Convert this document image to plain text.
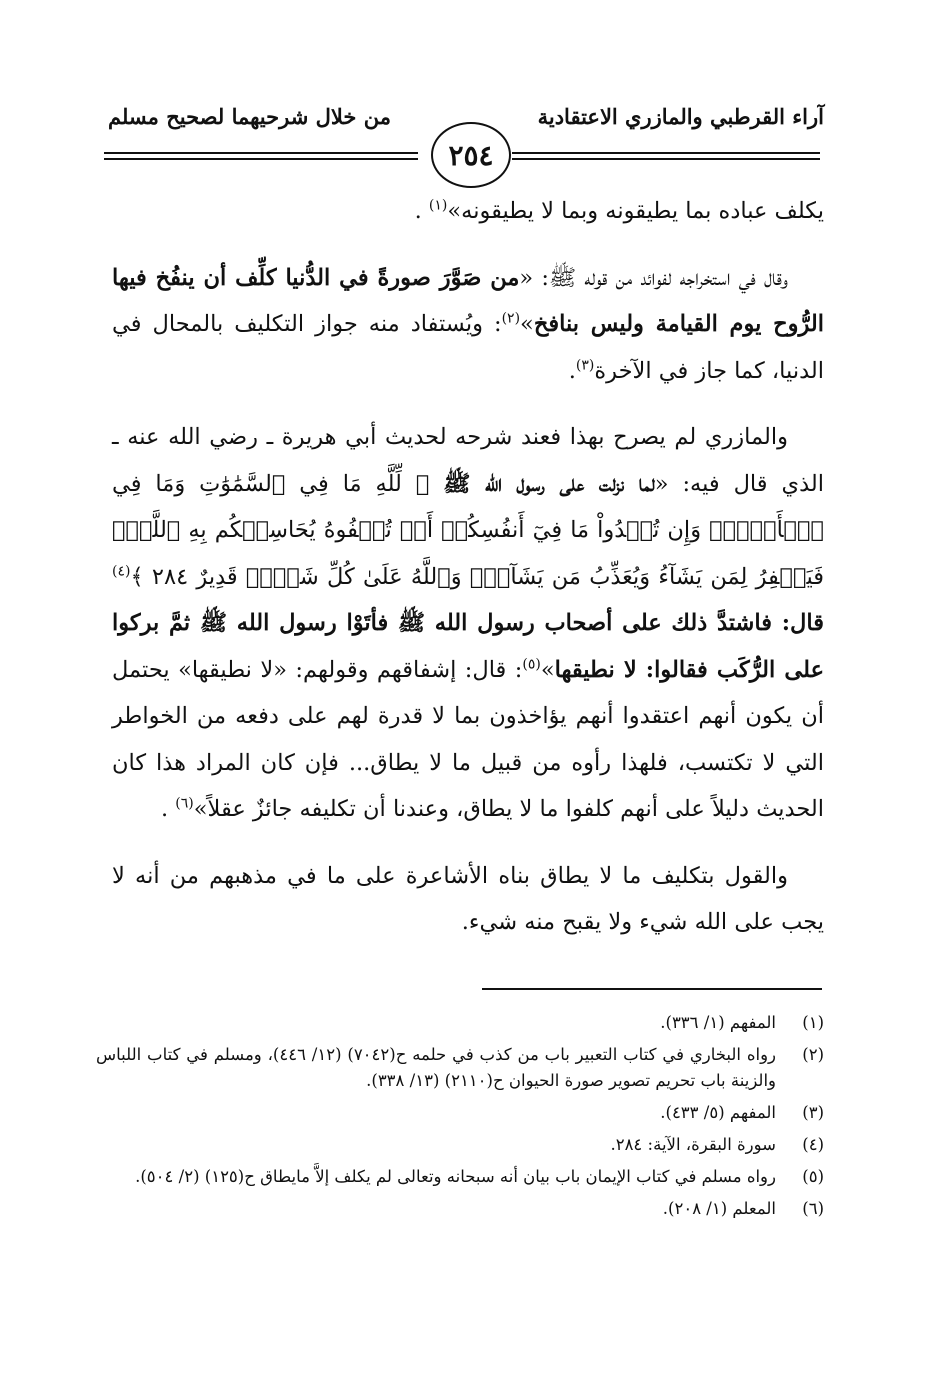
آراء القرطبي والمازري الاعتقادية
من خلال شرحيهما لصحيح مسلم
٢٥٤

يكلف عباده بما يطيقونه وبما لا يطيقونه»$^{(١)}$ .

وقال في استخراجه لفوائد من قوله ﷺ: «من صَوَّرَ صورةً في الدُّنيا كلِّف أن ينفُخ فيها الرُّوح يوم القيامة وليس بنافخ»$^{(٢)}$: ويُستفاد منه جواز التكليف بالمحال في الدنيا، كما جاز في الآخرة$^{(٣)}$.

والمازري لم يصرح بهذا فعند شرحه لحديث أبي هريرة ـ رضي الله عنه ـ الذي قال فيه: «لما نزلت على رسول الله ﷺ ﴿ لِّلَّهِ مَا فِي ٱلسَّمَٰوَٰتِ وَمَا فِي ٱلۡأَرۡضِۗ وَإِن تُبۡدُواْ مَا فِيٓ أَنفُسِكُمۡ أَوۡ تُخۡفُوهُ يُحَاسِبۡكُم بِهِ ٱللَّهُۖ فَيَغۡفِرُ لِمَن يَشَآءُ وَيُعَذِّبُ مَن يَشَآءُۗ وَٱللَّهُ عَلَىٰ كُلِّ شَيۡءٖ قَدِيرٌ ٢٨٤ ﴾$^{(٤)}$ قال: فاشتدَّ ذلك على أصحاب رسول الله ﷺ فأتَوْا رسول الله ﷺ ثمَّ بركوا على الرُّكَب فقالوا: لا نطيقها»$^{(٥)}$: قال: إشفاقهم وقولهم: «لا نطيقها» يحتمل أن يكون أنهم اعتقدوا أنهم يؤاخذون بما لا قدرة لهم على دفعه من الخواطر التي لا تكتسب، فلهذا رأوه من قبيل ما لا يطاق... فإن كان المراد هذا كان الحديث دليلاً على أنهم كلفوا ما لا يطاق، وعندنا أن تكليفه جائزٌ عقلاً»$^{(٦)}$ .

والقول بتكليف ما لا يطاق بناه الأشاعرة على ما في مذهبهم من أنه لا يجب على الله شيء ولا يقبح منه شيء.

(١)
المفهم (١/ ٣٣٦).
(٢)
رواه البخاري في كتاب التعبير باب من كذب في حلمه ح(٧٠٤٢) (١٢/ ٤٤٦)، ومسلم في كتاب اللباس والزينة باب تحريم تصوير صورة الحيوان ح(٢١١٠) (١٣/ ٣٣٨).
(٣)
المفهم (٥/ ٤٣٣).
(٤)
سورة البقرة، الآية: ٢٨٤.
(٥)
رواه مسلم في كتاب الإيمان باب بيان أنه سبحانه وتعالى لم يكلف إلاَّ مايطاق ح(١٢٥) (٢/ ٥٠٤).
(٦)
المعلم (١/ ٢٠٨).
